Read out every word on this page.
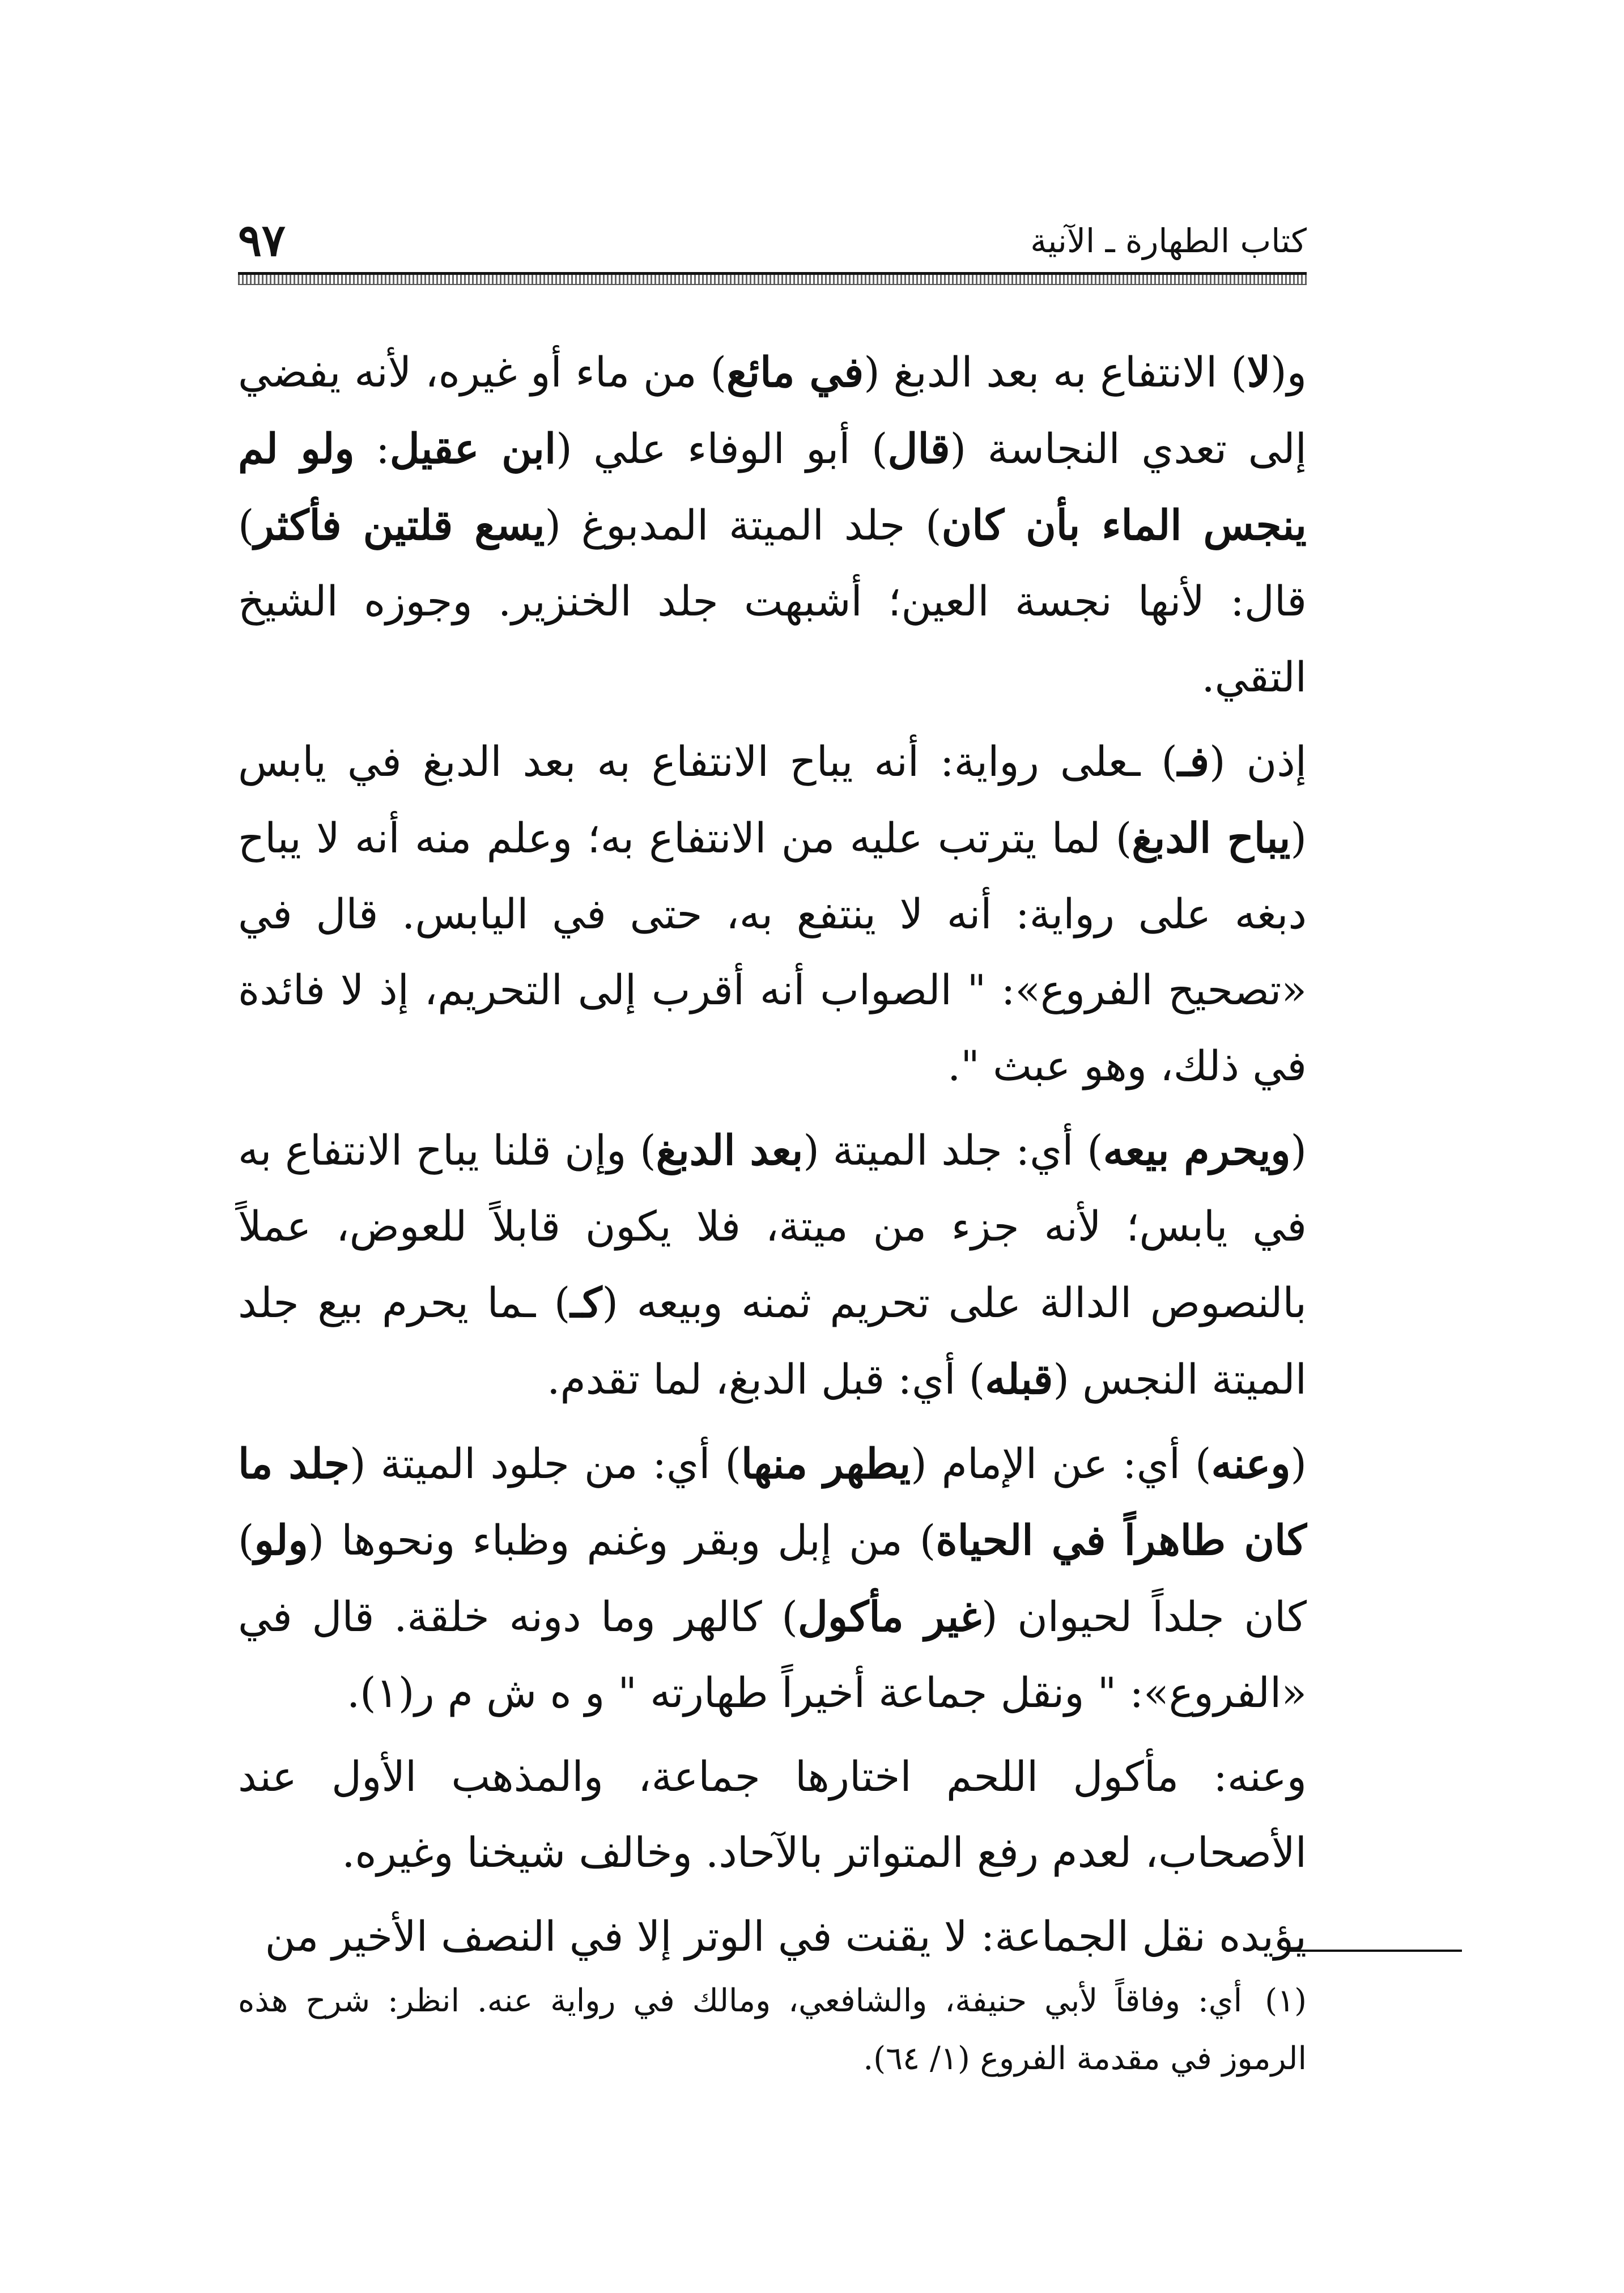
كتاب الطهارة ـ الآنية
٩٧

و(لا) الانتفاع به بعد الدبغ (في مائع) من ماء أو غيره، لأنه يفضي إلى تعدي النجاسة (قال) أبو الوفاء علي (ابن عقيل: ولو لم ينجس الماء بأن كان) جلد الميتة المدبوغ (يسع قلتين فأكثر) قال: لأنها نجسة العين؛ أشبهت جلد الخنزير. وجوزه الشيخ التقي.

إذن (فـ) ـعلى رواية: أنه يباح الانتفاع به بعد الدبغ في يابس (يباح الدبغ) لما يترتب عليه من الانتفاع به؛ وعلم منه أنه لا يباح دبغه على رواية: أنه لا ينتفع به، حتى في اليابس. قال في «تصحيح الفروع»: " الصواب أنه أقرب إلى التحريم، إذ لا فائدة في ذلك، وهو عبث ".

(ويحرم بيعه) أي: جلد الميتة (بعد الدبغ) وإن قلنا يباح الانتفاع به في يابس؛ لأنه جزء من ميتة، فلا يكون قابلاً للعوض، عملاً بالنصوص الدالة على تحريم ثمنه وبيعه (كـ) ـما يحرم بيع جلد الميتة النجس (قبله) أي: قبل الدبغ، لما تقدم.

(وعنه) أي: عن الإمام (يطهر منها) أي: من جلود الميتة (جلد ما كان طاهراً في الحياة) من إبل وبقر وغنم وظباء ونحوها (ولو) كان جلداً لحيوان (غير مأكول) كالهر وما دونه خلقة. قال في «الفروع»: " ونقل جماعة أخيراً طهارته " و ه ش م ر(١).

وعنه: مأكول اللحم اختارها جماعة، والمذهب الأول عند الأصحاب، لعدم رفع المتواتر بالآحاد. وخالف شيخنا وغيره.

يؤيده نقل الجماعة: لا يقنت في الوتر إلا في النصف الأخير من

(١)أي: وفاقاً لأبي حنيفة، والشافعي، ومالك في رواية عنه. انظر: شرح هذه الرموز في مقدمة الفروع (١/ ٦٤).
